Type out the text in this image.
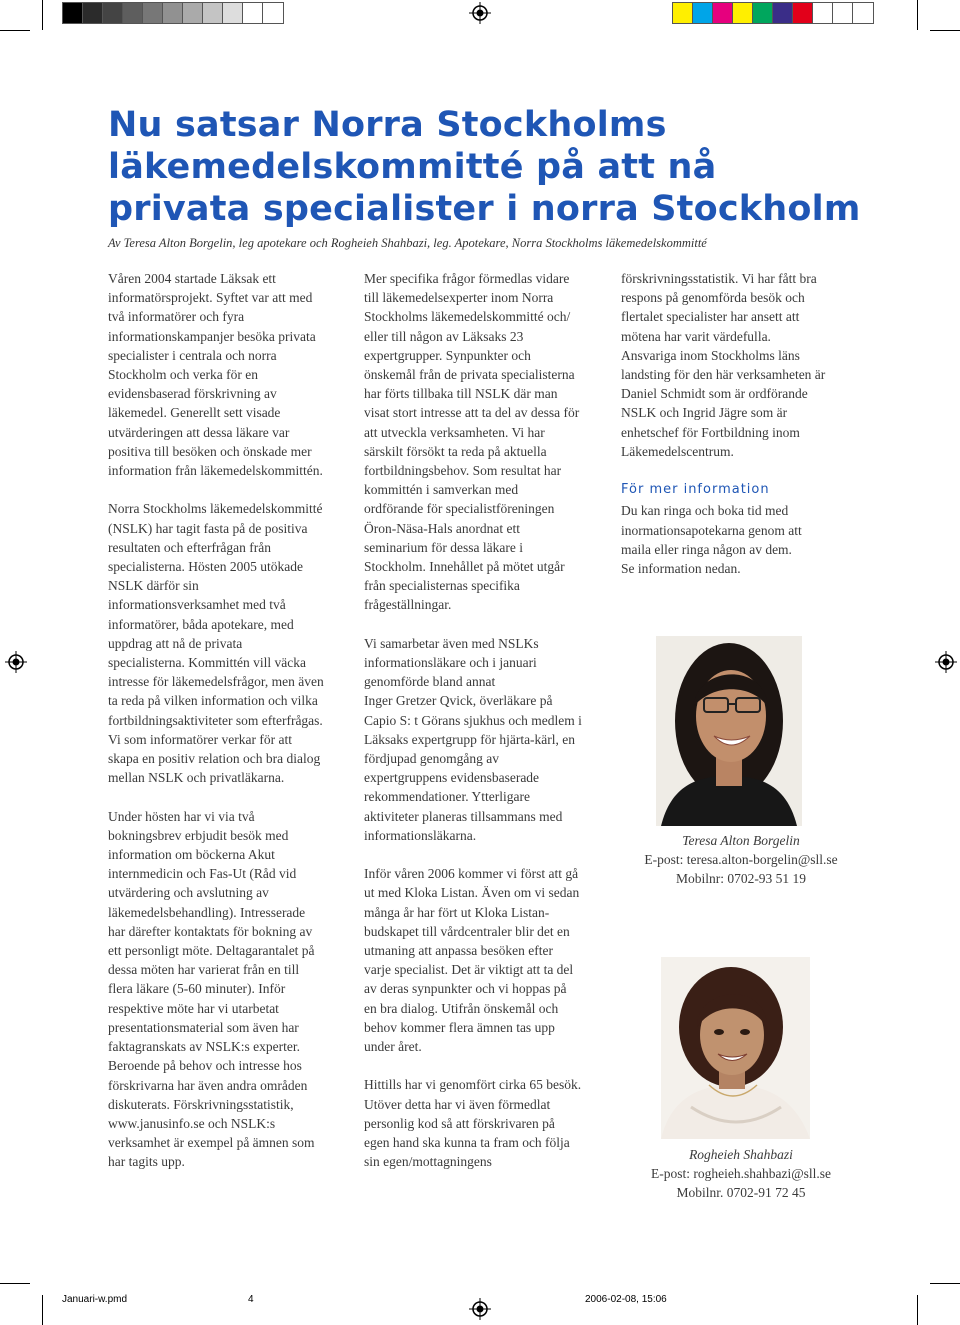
Nu satsar Norra Stockholms läkemedelskommitté på att nå privata specialister i norra Stockholm
Av Teresa Alton Borgelin, leg apotekare och Rogheieh Shahbazi, leg. Apotekare, Norra Stockholms läkemedelskommitté

Våren 2004 startade Läksak ett
informatörsprojekt. Syftet var att med
två informatörer och fyra
informationskampanjer besöka privata
specialister i centrala och norra
Stockholm och verka för en
evidensbaserad förskrivning av
läkemedel. Generellt sett visade
utvärderingen att dessa läkare var
positiva till besöken och önskade mer
information från läkemedelskommittén.

Norra Stockholms läkemedelskommitté
(NSLK) har tagit fasta på de positiva
resultaten och efterfrågan från
specialisterna. Hösten 2005 utökade
NSLK därför sin
informationsverksamhet med två
informatörer, båda apotekare, med
uppdrag att nå de privata
specialisterna. Kommittén vill väcka
intresse för läkemedelsfrågor, men även
ta reda på vilken information och vilka
fortbildningsaktiviteter som efterfrågas.
Vi som informatörer verkar för att
skapa en positiv relation och bra dialog
mellan NSLK och privatläkarna.

Under hösten har vi via två
bokningsbrev erbjudit besök med
information om böckerna Akut
internmedicin och Fas-Ut (Råd vid
utvärdering och avslutning av
läkemedelsbehandling). Intresserade
har därefter kontaktats för bokning av
ett personligt möte. Deltagarantalet på
dessa möten har varierat från en till
flera läkare (5-60 minuter). Inför
respektive möte har vi utarbetat
presentationsmaterial som även har
faktagranskats av NSLK:s experter.
Beroende på behov och intresse hos
förskrivarna har även andra områden
diskuterats. Förskrivningsstatistik,
www.janusinfo.se och NSLK:s
verksamhet är exempel på ämnen som
har tagits upp.

Mer specifika frågor förmedlas vidare
till läkemedelsexperter inom Norra
Stockholms läkemedelskommitté och/
eller till någon av Läksaks 23
expertgrupper. Synpunkter och
önskemål från de privata specialisterna
har förts tillbaka till NSLK där man
visat stort intresse att ta del av dessa för
att utveckla verksamheten. Vi har
särskilt försökt ta reda på aktuella
fortbildningsbehov. Som resultat har
kommittén i samverkan med
ordförande för specialistföreningen
Öron-Näsa-Hals anordnat ett
seminarium för dessa läkare i
Stockholm. Innehållet på mötet utgår
från specialisternas specifika
frågeställningar.

Vi samarbetar även med NSLKs
informationsläkare och i januari
genomförde bland annat
Inger Gretzer Qvick, överläkare på
Capio S: t Görans sjukhus och medlem i
Läksaks expertgrupp för hjärta-kärl, en
fördjupad genomgång av
expertgruppens evidensbaserade
rekommendationer. Ytterligare
aktiviteter planeras tillsammans med
informationsläkarna.

Inför våren 2006 kommer vi först att gå
ut med Kloka Listan. Även om vi sedan
många år har fört ut Kloka Listan-
budskapet till vårdcentraler blir det en
utmaning att anpassa besöken efter
varje specialist. Det är viktigt att ta del
av deras synpunkter och vi hoppas på
en bra dialog. Utifrån önskemål och
behov kommer flera ämnen tas upp
under året.

Hittills har vi genomfört cirka 65 besök.
Utöver detta har vi även förmedlat
personlig kod så att förskrivaren på
egen hand ska kunna ta fram och följa
sin egen/mottagningens

förskrivningsstatistik. Vi har fått bra
respons på genomförda besök och
flertalet specialister har ansett att
mötena har varit värdefulla.
Ansvariga inom Stockholms läns
landsting för den här verksamheten är
Daniel Schmidt som är ordförande
NSLK och Ingrid Jägre som är
enhetschef för Fortbildning inom
Läkemedelscentrum.

För mer information

Du kan ringa och boka tid med
inormationsapotekarna genom att
maila eller ringa någon av dem.
Se information nedan.

Teresa Alton Borgelin
E-post: teresa.alton-borgelin@sll.se
Mobilnr: 0702-93 51 19
Rogheieh Shahbazi
E-post: rogheieh.shahbazi@sll.se
Mobilnr. 0702-91 72 45
Januari-w.pmd	4	2006-02-08, 15:06
